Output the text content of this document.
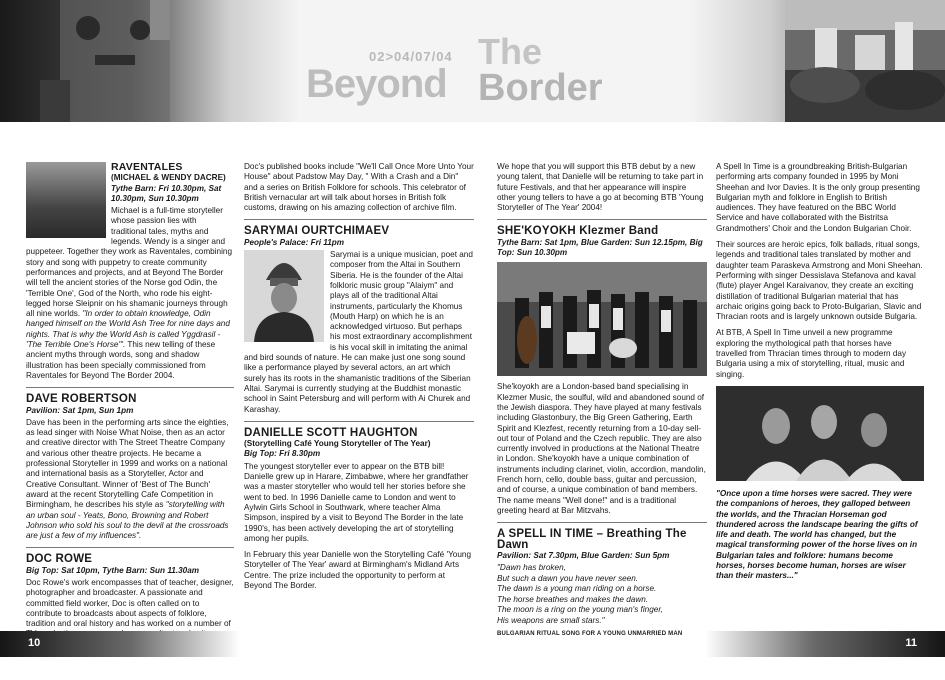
02>04/07/04 The
Beyond Border
RAVENTALES
(MICHAEL & WENDY DACRE)
Tythe Barn: Fri 10.30pm, Sat 10.30pm, Sun 10.30pm

Michael is a full-time storyteller whose passion lies with traditional tales, myths and legends. Wendy is a singer and puppeteer. Together they work as Raventales, combining story and song with puppetry to create community performances and projects, and at Beyond The Border will tell the ancient stories of the Norse god Odin, the 'Terrible One', God of the North, who rode his eight-legged horse Sleipnir on his shamanic journeys through all nine worlds. "In order to obtain knowledge, Odin hanged himself on the World Ash Tree for nine days and nights. That is why the World Ash is called Yggdrasil - 'The Terrible One's Horse'". This new telling of these ancient myths through words, song and shadow illustration has been specially commissioned from Raventales for Beyond The Border 2004.

DAVE ROBERTSON
Pavilion: Sat 1pm, Sun 1pm

Dave has been in the performing arts since the eighties, as lead singer with Noise What Noise, then as an actor and creative director with The Street Theatre Company and various other theatre projects. He became a professional Storyteller in 1999 and works on a national and international basis as a Storyteller, Actor and Creative Consultant. Winner of 'Best of The Bunch' award at the recent Storytelling Cafe Competition in Birmingham, he describes his style as "storytelling with an urban soul - Yeats, Bono, Browning and Robert Johnson who sold his soul to the devil at the crossroads are just a few of my influences".

DOC ROWE
Big Top: Sat 10pm, Tythe Barn: Sun 11.30am

Doc Rowe's work encompasses that of teacher, designer, photographer and broadcaster. A passionate and committed field worker, Doc is often called on to contribute to broadcasts about aspects of folklore, tradition and oral history and has worked on a number of

Doc's published books include "We'll Call Once More Unto Your House" about Padstow May Day, " With a Crash and a Din" and a series on British Folklore for schools. This celebrator of British vernacular art will talk about horses in British folk customs, drawing on his amazing collection of archive film.

SARYMAI OURTCHIMAEV
People's Palace: Fri 11pm

Sarymai is a unique musician, poet and composer from the Altai in Southern Siberia. He is the founder of the Altai folkloric music group "Alaiym" and plays all of the traditional Altai instruments, particularly the Khomus (Mouth Harp) on which he is an acknowledged virtuoso. But perhaps his most extraordinary accomplishment is his vocal skill in imitating the animal and bird sounds of nature. He can make just one song sound like a performance played by several actors, an art which surely has its roots in the shamanistic traditions of the Siberian Altai. Sarymai is currently studying at the Buddhist monastic school in Saint Petersburg and will perform with Ai Churek and Karashay.

DANIELLE SCOTT HAUGHTON
(Storytelling Café Young Storyteller of The Year)
Big Top: Fri 8.30pm

The youngest storyteller ever to appear on the BTB bill! Danielle grew up in Harare, Zimbabwe, where her grandfather was a master storyteller who would tell her stories before she went to bed. In 1996 Danielle came to London and went to Aylwin Girls School in Southwark, where teacher Alma Simpson, inspired by a visit to Beyond The Border in the late 1990's, has been actively developing the art of storytelling among her pupils.

In February this year Danielle won the Storytelling Café 'Young Storyteller of The Year' award at Birmingham's Midland Arts Centre. The prize included the opportunity to perform at Beyond The Border.

We hope that you will support this BTB debut by a new young talent, that Danielle will be returning to take part in future Festivals, and that her appearance will inspire other young tellers to have a go at becoming BTB 'Young Storyteller of The Year' 2004!

SHE'KOYOKH Klezmer Band
Tythe Barn: Sat 1pm, Blue Garden: Sun 12.15pm, Big Top: Sun 10.30pm

She'koyokh are a London-based band specialising in Klezmer Music, the soulful, wild and abandoned sound of the Jewish diaspora. They have played at many festivals including Glastonbury, the Big Green Gathering, Earth Spirit and Klezfest, recently returning from a 10-day sell-out tour of Poland and the Czech republic. They are also currently involved in productions at the National Theatre in London. She'koyokh have a unique combination of instruments including clarinet, violin, accordion, mandolin, French horn, cello, double bass, guitar and percussion, and of course, a unique combination of band members. The name means "Well done!" and is a traditional greeting heard at Bar Mitzvahs.

A SPELL IN TIME – Breathing The Dawn
Pavilion: Sat 7.30pm, Blue Garden: Sun 5pm
"Dawn has broken,
But such a dawn you have never seen.
The dawn is a young man riding on a horse.
The horse breathes and makes the dawn.
The moon is a ring on the young man's finger,
His weapons are small stars."
BULGARIAN RITUAL SONG FOR A YOUNG UNMARRIED MAN

A Spell In Time is a groundbreaking British-Bulgarian performing arts company founded in 1995 by Moni Sheehan and Ivor Davies. It is the only group presenting Bulgarian myth and folklore in English to British audiences. They have featured on the BBC World Service and have collaborated with the Bistritsa Grandmothers' Choir and the London Bulgarian Choir.

Their sources are heroic epics, folk ballads, ritual songs, legends and traditional tales translated by mother and daughter team Paraskeva Armstrong and Moni Sheehan. Performing with singer Dessislava Stefanova and kaval (flute) player Angel Karaivanov, they create an exciting distillation of traditional Bulgarian material that has archaic origins going back to Proto-Bulgarian, Slavic and Thracian roots and is largely unknown outside Bulgaria.

At BTB, A Spell In Time unveil a new programme exploring the mythological path that horses have travelled from Thracian times through to modern day Bulgaria using a mix of storytelling, ritual, music and singing.

"Once upon a time horses were sacred. They were the companions of heroes, they galloped between the worlds, and the Thracian Horseman god thundered across the landscape bearing the gifts of life and death. The world has changed, but the magical transforming power of the horse lives on in Bulgarian tales and folklore: humans become horses, horses become human, horses are wiser than their masters..."

10	11
